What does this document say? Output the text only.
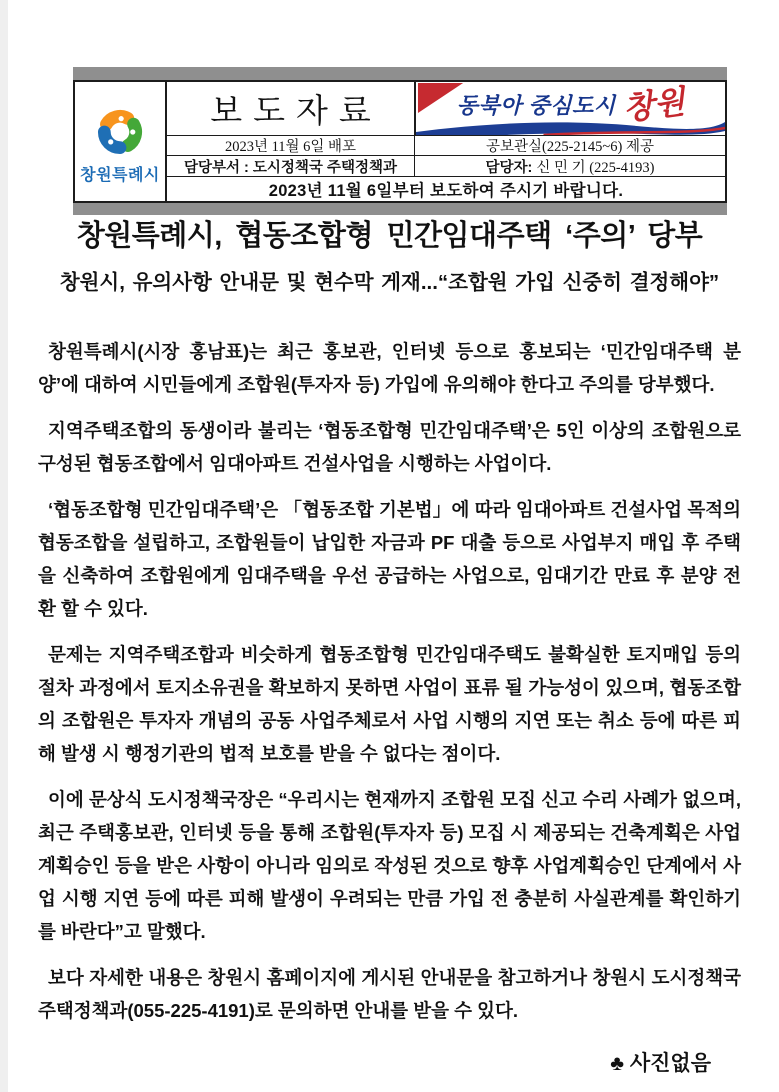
창원특례시
보도자료	동북아 중심도시 창원
2023년 11월 6일 배포	공보관실(225-2145~6) 제공
담당부서 : 도시정책국 주택정책과	담당자: 신 민 기 (225-4193)
2023년 11월 6일부터 보도하여 주시기 바랍니다.
창원특례시, 협동조합형 민간임대주택 ‘주의’ 당부
창원시, 유의사항 안내문 및 현수막 게재...“조합원 가입 신중히 결정해야”

창원특례시(시장 홍남표)는 최근 홍보관, 인터넷 등으로 홍보되는 ‘민간임대주택 분양’에 대하여 시민들에게 조합원(투자자 등) 가입에 유의해야 한다고 주의를 당부했다.

지역주택조합의 동생이라 불리는 ‘협동조합형 민간임대주택’은 5인 이상의 조합원으로 구성된 협동조합에서 임대아파트 건설사업을 시행하는 사업이다.

‘협동조합형 민간임대주택’은 「협동조합 기본법」에 따라 임대아파트 건설사업 목적의 협동조합을 설립하고, 조합원들이 납입한 자금과 PF 대출 등으로 사업부지 매입 후 주택을 신축하여 조합원에게 임대주택을 우선 공급하는 사업으로, 임대기간 만료 후 분양 전환 할 수 있다.

문제는 지역주택조합과 비슷하게 협동조합형 민간임대주택도 불확실한 토지매입 등의 절차 과정에서 토지소유권을 확보하지 못하면 사업이 표류 될 가능성이 있으며, 협동조합의 조합원은 투자자 개념의 공동 사업주체로서 사업 시행의 지연 또는 취소 등에 따른 피해 발생 시 행정기관의 법적 보호를 받을 수 없다는 점이다.

이에 문상식 도시정책국장은 “우리시는 현재까지 조합원 모집 신고 수리 사례가 없으며, 최근 주택홍보관, 인터넷 등을 통해 조합원(투자자 등) 모집 시 제공되는 건축계획은 사업계획승인 등을 받은 사항이 아니라 임의로 작성된 것으로 향후 사업계획승인 단계에서 사업 시행 지연 등에 따른 피해 발생이 우려되는 만큼 가입 전 충분히 사실관계를 확인하기를 바란다”고 말했다.

보다 자세한 내용은 창원시 홈페이지에 게시된 안내문을 참고하거나 창원시 도시정책국 주택정책과(055-225-4191)로 문의하면 안내를 받을 수 있다.

♣ 사진없음
